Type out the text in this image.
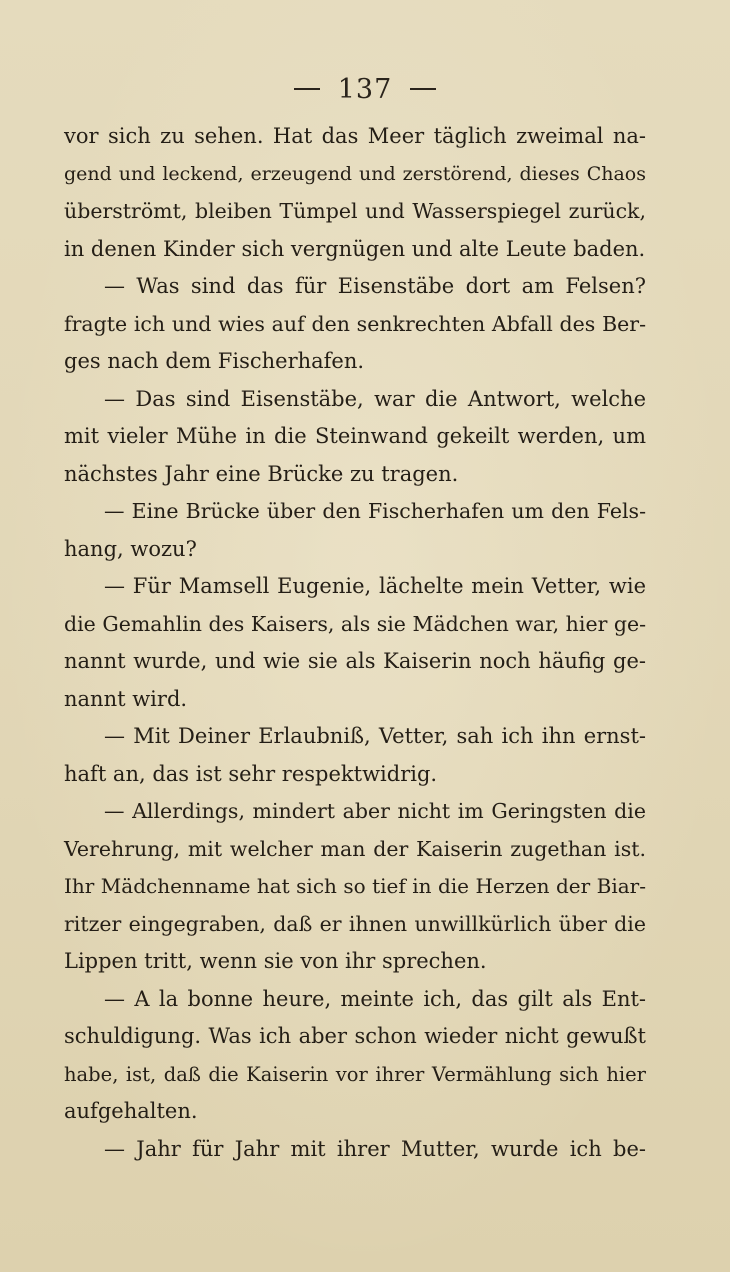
137
vor sich zu sehen. Hat das Meer täglich zweimal na-
gend und leckend, erzeugend und zerstörend, dieses Chaos
überströmt, bleiben Tümpel und Wasserspiegel zurück,
in denen Kinder sich vergnügen und alte Leute baden.
— Was sind das für Eisenstäbe dort am Felsen?
fragte ich und wies auf den senkrechten Abfall des Ber-
ges nach dem Fischerhafen.
— Das sind Eisenstäbe, war die Antwort, welche
mit vieler Mühe in die Steinwand gekeilt werden, um
nächstes Jahr eine Brücke zu tragen.
— Eine Brücke über den Fischerhafen um den Fels-
hang, wozu?
— Für Mamsell Eugenie, lächelte mein Vetter, wie
die Gemahlin des Kaisers, als sie Mädchen war, hier ge-
nannt wurde, und wie sie als Kaiserin noch häufig ge-
nannt wird.
— Mit Deiner Erlaubniß, Vetter, sah ich ihn ernst-
haft an, das ist sehr respektwidrig.
— Allerdings, mindert aber nicht im Geringsten die
Verehrung, mit welcher man der Kaiserin zugethan ist.
Ihr Mädchenname hat sich so tief in die Herzen der Biar-
ritzer eingegraben, daß er ihnen unwillkürlich über die
Lippen tritt, wenn sie von ihr sprechen.
— A la bonne heure, meinte ich, das gilt als Ent-
schuldigung. Was ich aber schon wieder nicht gewußt
habe, ist, daß die Kaiserin vor ihrer Vermählung sich hier
aufgehalten.
— Jahr für Jahr mit ihrer Mutter, wurde ich be-
